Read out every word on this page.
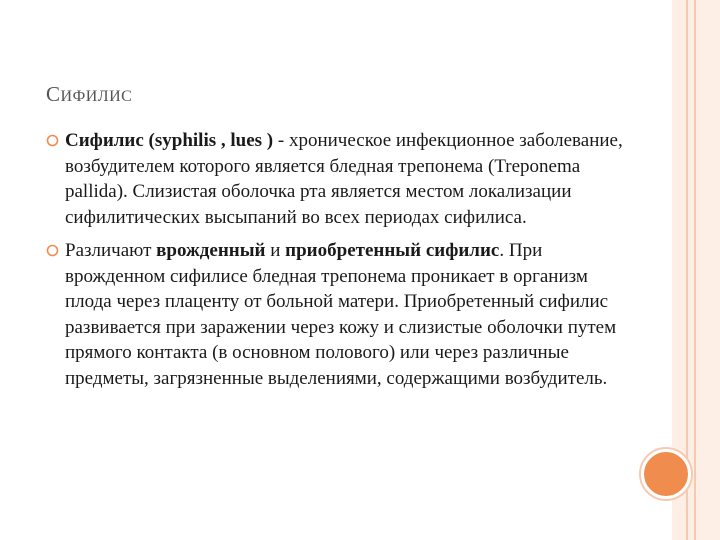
СИФИЛИС
Сифилис (syphilis , lues ) - хроническое инфекционное заболевание, возбудителем которого является бледная трепонема (Treponema pallida). Слизистая оболочка рта является местом локализации сифилитических высыпаний во всех периодах сифилиса.
Различают врожденный и приобретенный сифилис. При врожденном сифилисе бледная трепонема проникает в организм плода через плаценту от больной матери. Приобретенный сифилис развивается при заражении через кожу и слизистые оболочки путем прямого контакта (в основном полового) или через различные предметы, загрязненные выделениями, содержащими возбудитель.
